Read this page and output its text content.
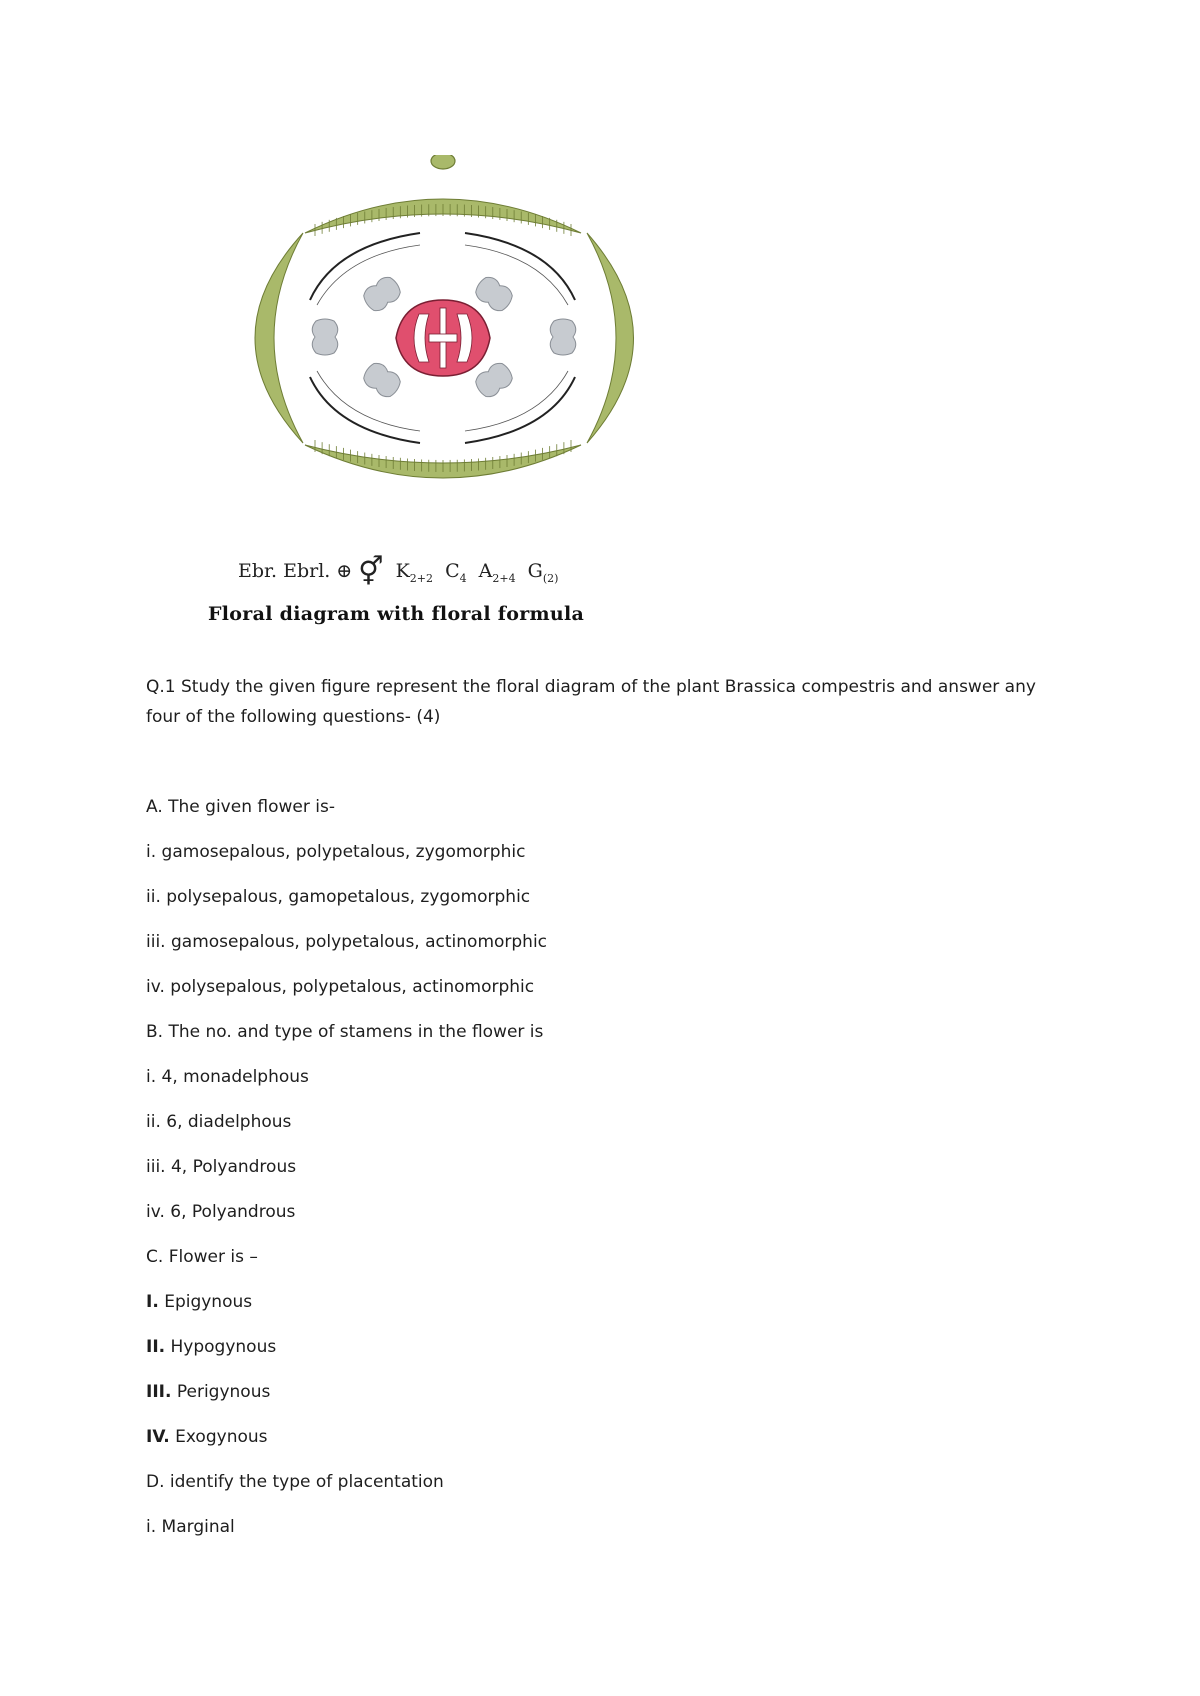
Ebr. Ebrl. ⊕ ⚥ $K_{2+2}$ $C_4$ $A_{2+4}$ $G_{(2)}$
Floral diagram with floral formula

Q.1 Study the given figure represent the floral diagram of the plant Brassica compestris and answer any four of the following questions- (4)

A. The given flower is-

i. gamosepalous, polypetalous, zygomorphic

ii. polysepalous, gamopetalous, zygomorphic

iii. gamosepalous, polypetalous, actinomorphic

iv. polysepalous, polypetalous, actinomorphic

B. The no. and type of stamens in the flower is

i. 4, monadelphous

ii. 6, diadelphous

iii. 4, Polyandrous

iv. 6, Polyandrous

C. Flower is –

I. Epigynous

II. Hypogynous

III. Perigynous

IV. Exogynous

D. identify the type of placentation

i. Marginal
